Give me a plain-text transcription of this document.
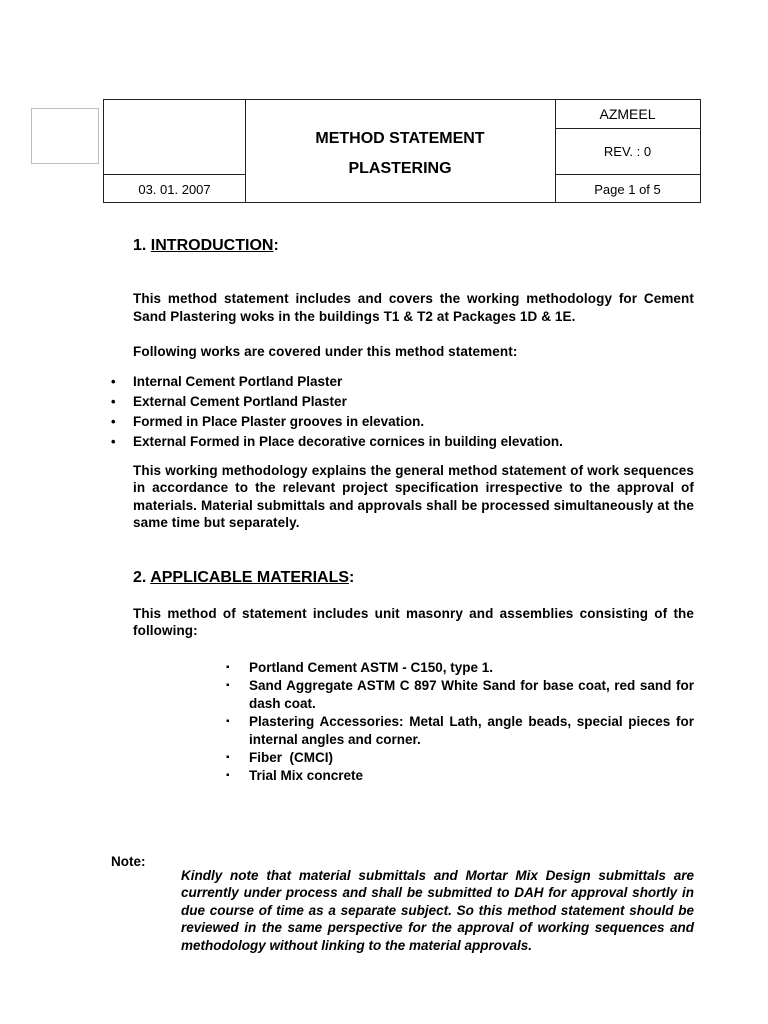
METHOD STATEMENT
PLASTERING
AZMEEL
REV. : 0
03. 01. 2007	Page 1 of 5
1. INTRODUCTION:

This method statement includes and covers the working methodology for Cement Sand Plastering woks in the buildings T1 & T2 at Packages 1D & 1E.

Following works are covered under this method statement:

• Internal Cement Portland Plaster
• External Cement Portland Plaster
• Formed in Place Plaster grooves in elevation.
• External Formed in Place decorative cornices in building elevation.

This working methodology explains the general method statement of work sequences in accordance to the relevant project specification irrespective to the approval of materials. Material submittals and approvals shall be processed simultaneously at the same time but separately.

2. APPLICABLE MATERIALS:

This method of statement includes unit masonry and assemblies consisting of the following:

▪ Portland Cement ASTM - C150, type 1.
▪ Sand Aggregate ASTM C 897 White Sand for base coat, red sand for dash coat.
▪ Plastering Accessories: Metal Lath, angle beads, special pieces for internal angles and corner.
▪ Fiber  (CMCI)
▪ Trial Mix concrete
Note:

Kindly note that material submittals and Mortar Mix Design submittals are currently under process and shall be submitted to DAH for approval shortly in due course of time as a separate subject. So this method statement should be reviewed in the same perspective for the approval of working sequences and methodology without linking to the material approvals.
